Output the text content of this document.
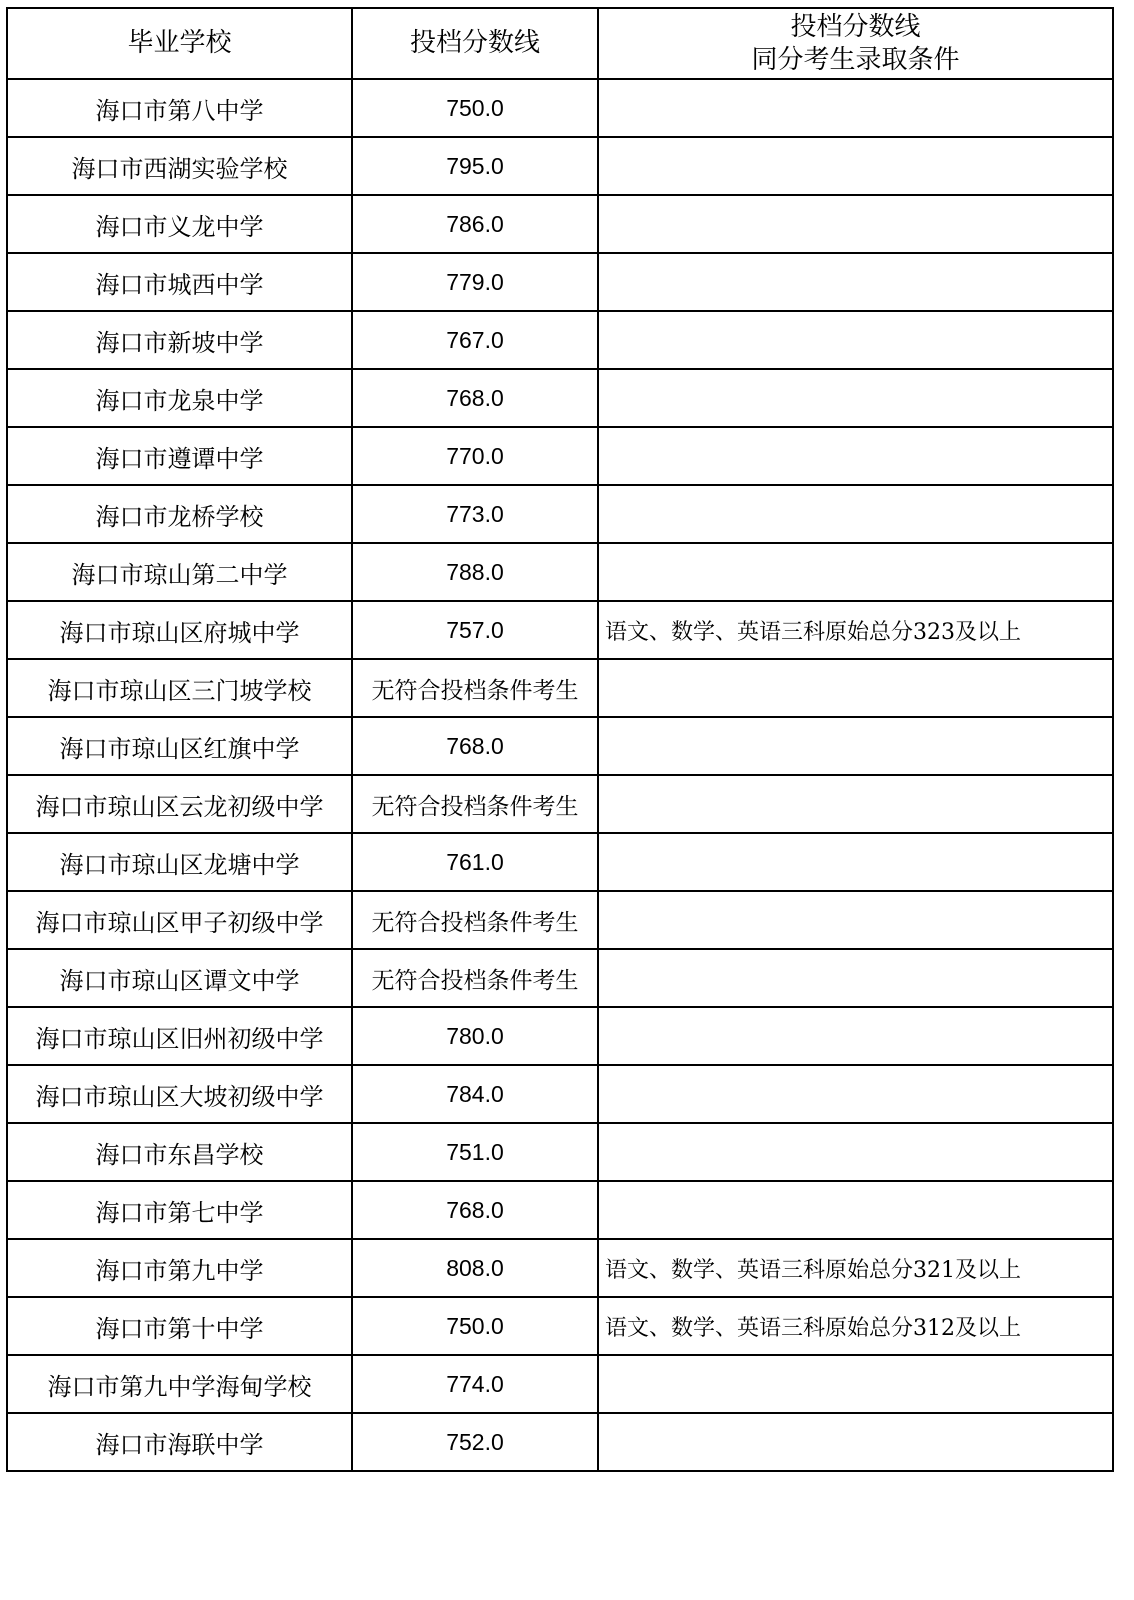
毕业学校	投档分数线	投档分数线
同分考生录取条件

海口市第八中学	750.0	
海口市西湖实验学校	795.0	
海口市义龙中学	786.0	
海口市城西中学	779.0	
海口市新坡中学	767.0	
海口市龙泉中学	768.0	
海口市遵谭中学	770.0	
海口市龙桥学校	773.0	
海口市琼山第二中学	788.0	
海口市琼山区府城中学	757.0	语文、数学、英语三科原始总分323及以上
海口市琼山区三门坡学校	无符合投档条件考生	
海口市琼山区红旗中学	768.0	
海口市琼山区云龙初级中学	无符合投档条件考生	
海口市琼山区龙塘中学	761.0	
海口市琼山区甲子初级中学	无符合投档条件考生	
海口市琼山区谭文中学	无符合投档条件考生	
海口市琼山区旧州初级中学	780.0	
海口市琼山区大坡初级中学	784.0	
海口市东昌学校	751.0	
海口市第七中学	768.0	
海口市第九中学	808.0	语文、数学、英语三科原始总分321及以上
海口市第十中学	750.0	语文、数学、英语三科原始总分312及以上
海口市第九中学海甸学校	774.0	
海口市海联中学	752.0	
